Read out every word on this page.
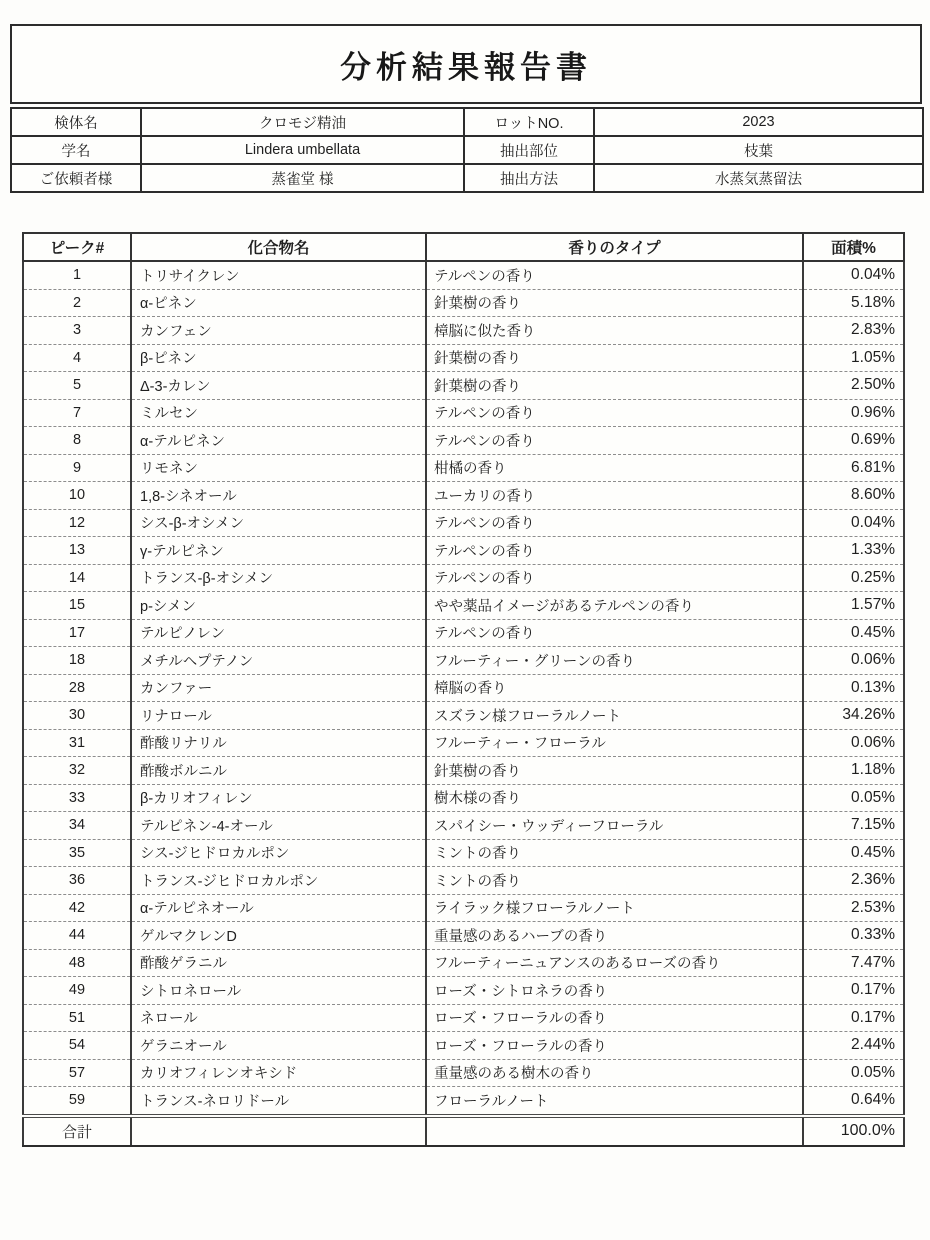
分析結果報告書
検体名	クロモジ精油	ロットNO.	2023
学名	Lindera umbellata	抽出部位	枝葉
ご依頼者様	蒸雀堂 様	抽出方法	水蒸気蒸留法
ピーク#	化合物名	香りのタイプ	面積%
1	トリサイクレン	テルペンの香り	0.04%
2	α-ピネン	針葉樹の香り	5.18%
3	カンフェン	樟脳に似た香り	2.83%
4	β-ピネン	針葉樹の香り	1.05%
5	Δ-3-カレン	針葉樹の香り	2.50%
7	ミルセン	テルペンの香り	0.96%
8	α-テルピネン	テルペンの香り	0.69%
9	リモネン	柑橘の香り	6.81%
10	1,8-シネオール	ユーカリの香り	8.60%
12	シス-β-オシメン	テルペンの香り	0.04%
13	γ-テルピネン	テルペンの香り	1.33%
14	トランス-β-オシメン	テルペンの香り	0.25%
15	p-シメン	やや薬品イメージがあるテルペンの香り	1.57%
17	テルピノレン	テルペンの香り	0.45%
18	メチルヘプテノン	フルーティー・グリーンの香り	0.06%
28	カンファー	樟脳の香り	0.13%
30	リナロール	スズラン様フローラルノート	34.26%
31	酢酸リナリル	フルーティー・フローラル	0.06%
32	酢酸ボルニル	針葉樹の香り	1.18%
33	β-カリオフィレン	樹木様の香り	0.05%
34	テルピネン-4-オール	スパイシー・ウッディーフローラル	7.15%
35	シス-ジヒドロカルポン	ミントの香り	0.45%
36	トランス-ジヒドロカルポン	ミントの香り	2.36%
42	α-テルピネオール	ライラック様フローラルノート	2.53%
44	ゲルマクレンD	重量感のあるハーブの香り	0.33%
48	酢酸ゲラニル	フルーティーニュアンスのあるローズの香り	7.47%
49	シトロネロール	ローズ・シトロネラの香り	0.17%
51	ネロール	ローズ・フローラルの香り	0.17%
54	ゲラニオール	ローズ・フローラルの香り	2.44%
57	カリオフィレンオキシド	重量感のある樹木の香り	0.05%
59	トランス-ネロリドール	フローラルノート	0.64%
合計			100.0%
